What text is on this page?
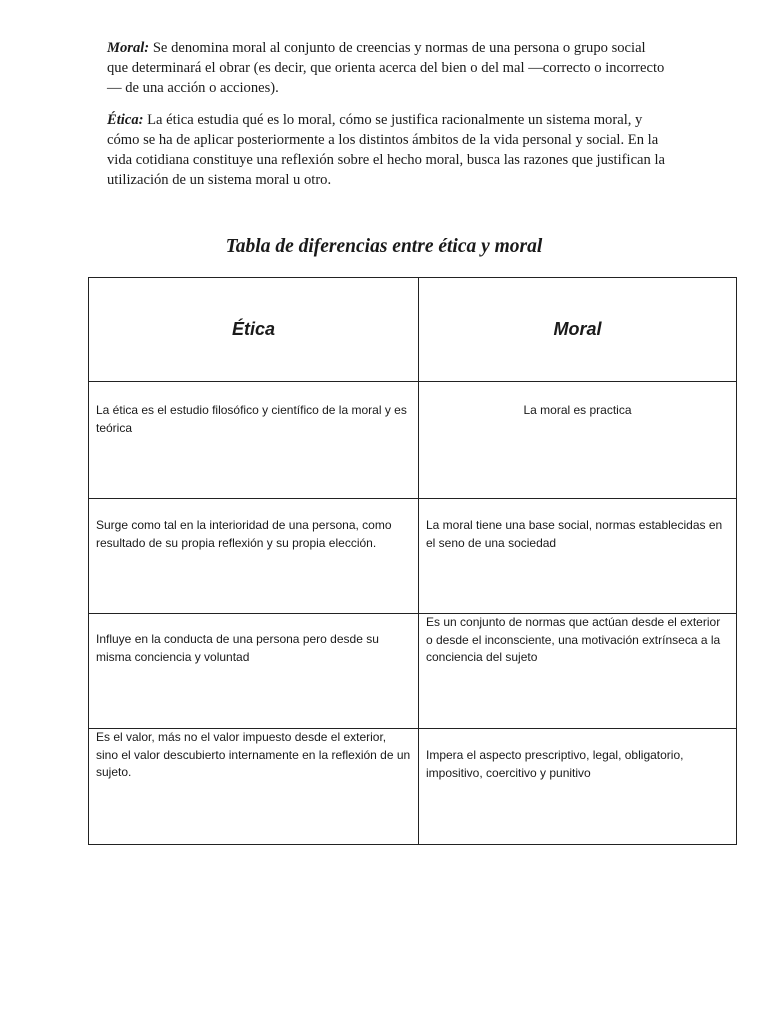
Moral: Se denomina moral al conjunto de creencias y normas de una persona o grupo social que determinará el obrar (es decir, que orienta acerca del bien o del mal —correcto o incorrecto— de una acción o acciones).

Ética: La ética estudia qué es lo moral, cómo se justifica racionalmente un sistema moral, y cómo se ha de aplicar posteriormente a los distintos ámbitos de la vida personal y social. En la vida cotidiana constituye una reflexión sobre el hecho moral, busca las razones que justifican la utilización de un sistema moral u otro.

Tabla de diferencias entre ética y moral
Ética	Moral
La ética es el estudio filosófico y científico de la moral y es teórica	La moral es practica
Surge como tal en la interioridad de una persona, como resultado de su propia reflexión y su propia elección.	La moral tiene una base social, normas establecidas en el seno de una sociedad
Influye en la conducta de una persona pero desde su misma conciencia y voluntad	Es un conjunto de normas que actúan desde el exterior o desde el inconsciente, una motivación extrínseca a la conciencia del sujeto
Es el valor, más no el valor impuesto desde el exterior, sino el valor descubierto internamente en la reflexión de un sujeto.	Impera el aspecto prescriptivo, legal, obligatorio, impositivo, coercitivo y punitivo
